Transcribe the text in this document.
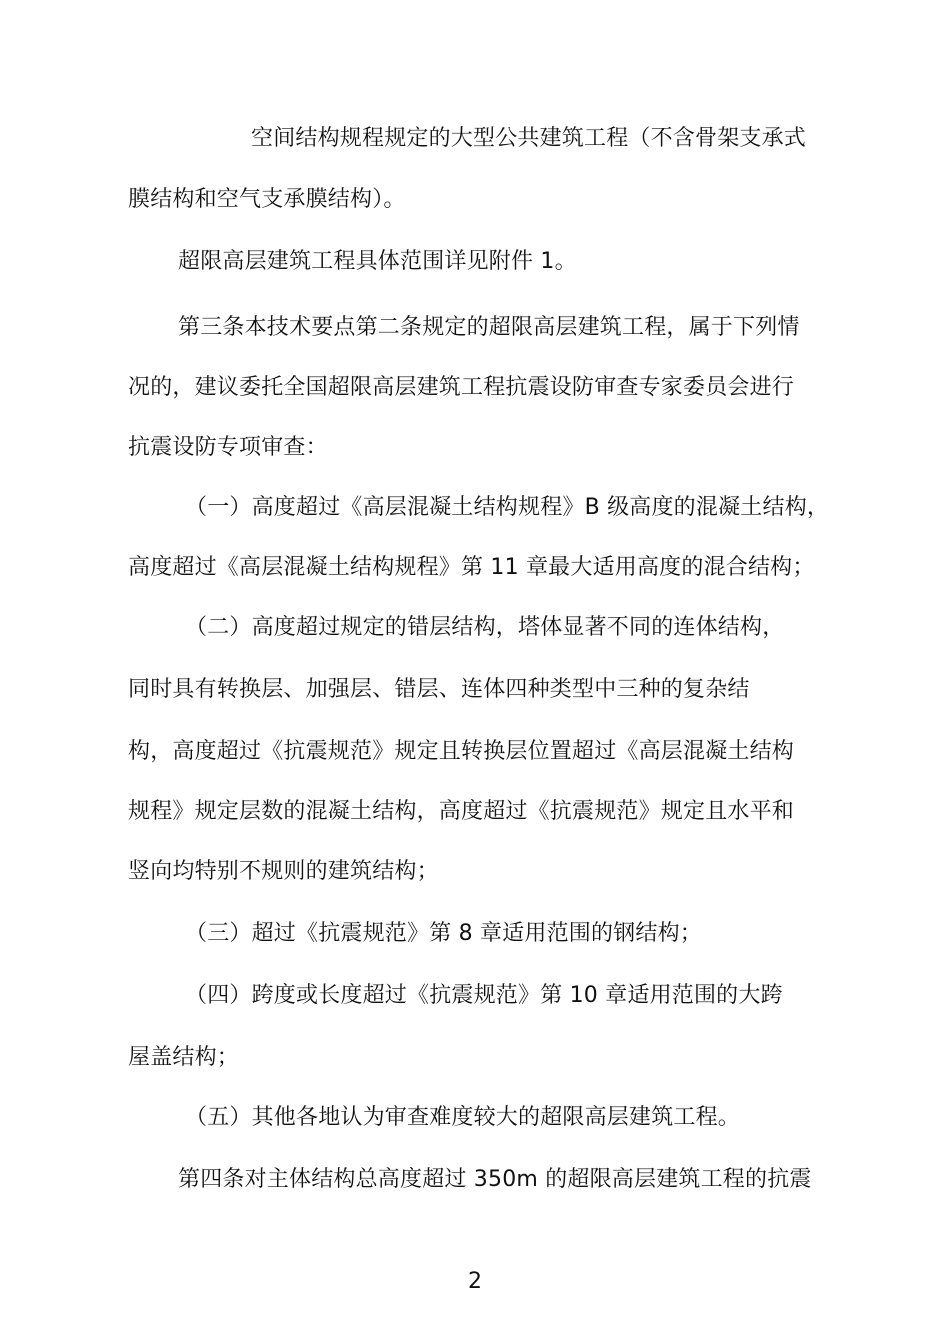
空间结构规程规定的大型公共建筑工程（不含骨架支承式
膜结构和空气支承膜结构）。
超限高层建筑工程具体范围详见附件 1。
第三条本技术要点第二条规定的超限高层建筑工程，属于下列情
况的，建议委托全国超限高层建筑工程抗震设防审查专家委员会进行
抗震设防专项审查：
（一）高度超过《高层混凝土结构规程》B 级高度的混凝土结构，
高度超过《高层混凝土结构规程》第 11 章最大适用高度的混合结构；
（二）高度超过规定的错层结构，塔体显著不同的连体结构，
同时具有转换层、加强层、错层、连体四种类型中三种的复杂结
构，高度超过《抗震规范》规定且转换层位置超过《高层混凝土结构
规程》规定层数的混凝土结构，高度超过《抗震规范》规定且水平和
竖向均特别不规则的建筑结构；
（三）超过《抗震规范》第 8 章适用范围的钢结构；
（四）跨度或长度超过《抗震规范》第 10 章适用范围的大跨
屋盖结构；
（五）其他各地认为审查难度较大的超限高层建筑工程。
第四条对主体结构总高度超过 350m 的超限高层建筑工程的抗震
2
